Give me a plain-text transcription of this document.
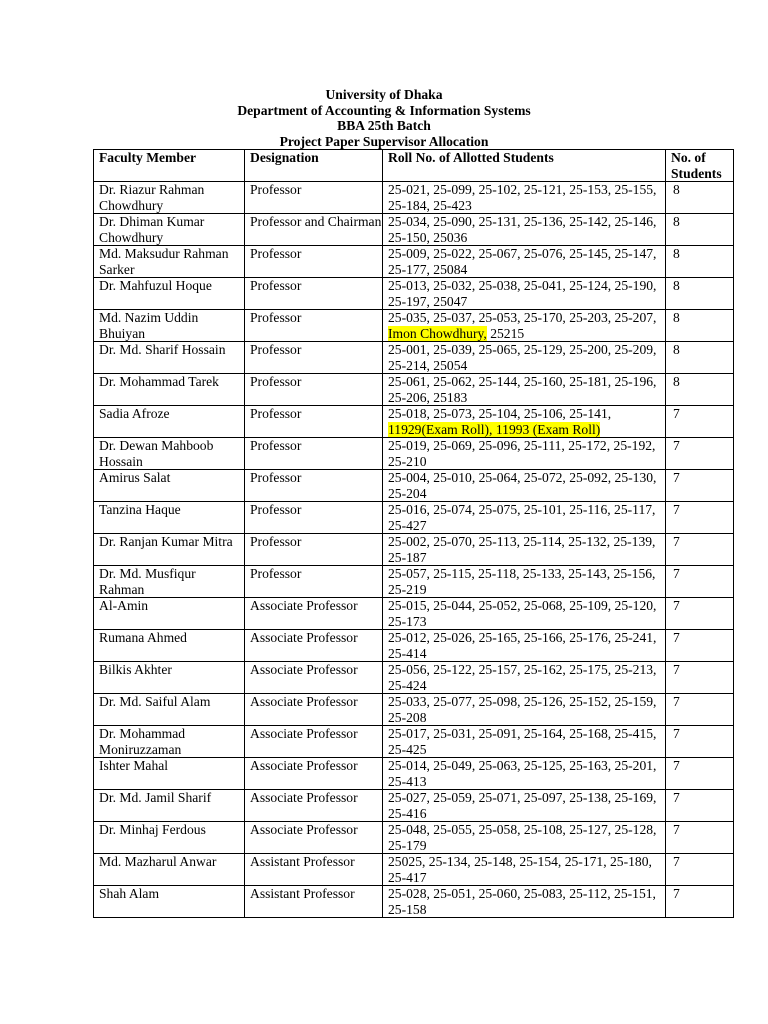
University of Dhaka
Department of Accounting & Information Systems
BBA 25th Batch
Project Paper Supervisor Allocation
Faculty Member	Designation	Roll No. of Allotted Students	No. of Students
Dr. Riazur Rahman Chowdhury	Professor	25-021, 25-099, 25-102, 25-121, 25-153, 25-155, 25-184, 25-423	8
Dr. Dhiman Kumar Chowdhury	Professor and Chairman	25-034, 25-090, 25-131, 25-136, 25-142, 25-146, 25-150, 25036	8
Md. Maksudur Rahman Sarker	Professor	25-009, 25-022, 25-067, 25-076, 25-145, 25-147, 25-177, 25084	8
Dr. Mahfuzul Hoque	Professor	25-013, 25-032, 25-038, 25-041, 25-124, 25-190, 25-197, 25047	8
Md. Nazim Uddin Bhuiyan	Professor	25-035, 25-037, 25-053, 25-170, 25-203, 25-207, Imon Chowdhury, 25215	8
Dr. Md. Sharif Hossain	Professor	25-001, 25-039, 25-065, 25-129, 25-200, 25-209, 25-214, 25054	8
Dr. Mohammad Tarek	Professor	25-061, 25-062, 25-144, 25-160, 25-181, 25-196, 25-206, 25183	8
Sadia Afroze	Professor	25-018, 25-073, 25-104, 25-106, 25-141, 11929(Exam Roll), 11993 (Exam Roll)	7
Dr. Dewan Mahboob Hossain	Professor	25-019, 25-069, 25-096, 25-111, 25-172, 25-192, 25-210	7
Amirus Salat	Professor	25-004, 25-010, 25-064, 25-072, 25-092, 25-130, 25-204	7
Tanzina Haque	Professor	25-016, 25-074, 25-075, 25-101, 25-116, 25-117, 25-427	7
Dr. Ranjan Kumar Mitra	Professor	25-002, 25-070, 25-113, 25-114, 25-132, 25-139, 25-187	7
Dr. Md. Musfiqur Rahman	Professor	25-057, 25-115, 25-118, 25-133, 25-143, 25-156, 25-219	7
Al-Amin	Associate Professor	25-015, 25-044, 25-052, 25-068, 25-109, 25-120, 25-173	7
Rumana Ahmed	Associate Professor	25-012, 25-026, 25-165, 25-166, 25-176, 25-241, 25-414	7
Bilkis Akhter	Associate Professor	25-056, 25-122, 25-157, 25-162, 25-175, 25-213, 25-424	7
Dr. Md. Saiful Alam	Associate Professor	25-033, 25-077, 25-098, 25-126, 25-152, 25-159, 25-208	7
Dr. Mohammad Moniruzzaman	Associate Professor	25-017, 25-031, 25-091, 25-164, 25-168, 25-415, 25-425	7
Ishter Mahal	Associate Professor	25-014, 25-049, 25-063, 25-125, 25-163, 25-201, 25-413	7
Dr. Md. Jamil Sharif	Associate Professor	25-027, 25-059, 25-071, 25-097, 25-138, 25-169, 25-416	7
Dr. Minhaj Ferdous	Associate Professor	25-048, 25-055, 25-058, 25-108, 25-127, 25-128, 25-179	7
Md. Mazharul Anwar	Assistant Professor	25025, 25-134, 25-148, 25-154, 25-171, 25-180, 25-417	7
Shah Alam	Assistant Professor	25-028, 25-051, 25-060, 25-083, 25-112, 25-151, 25-158	7
